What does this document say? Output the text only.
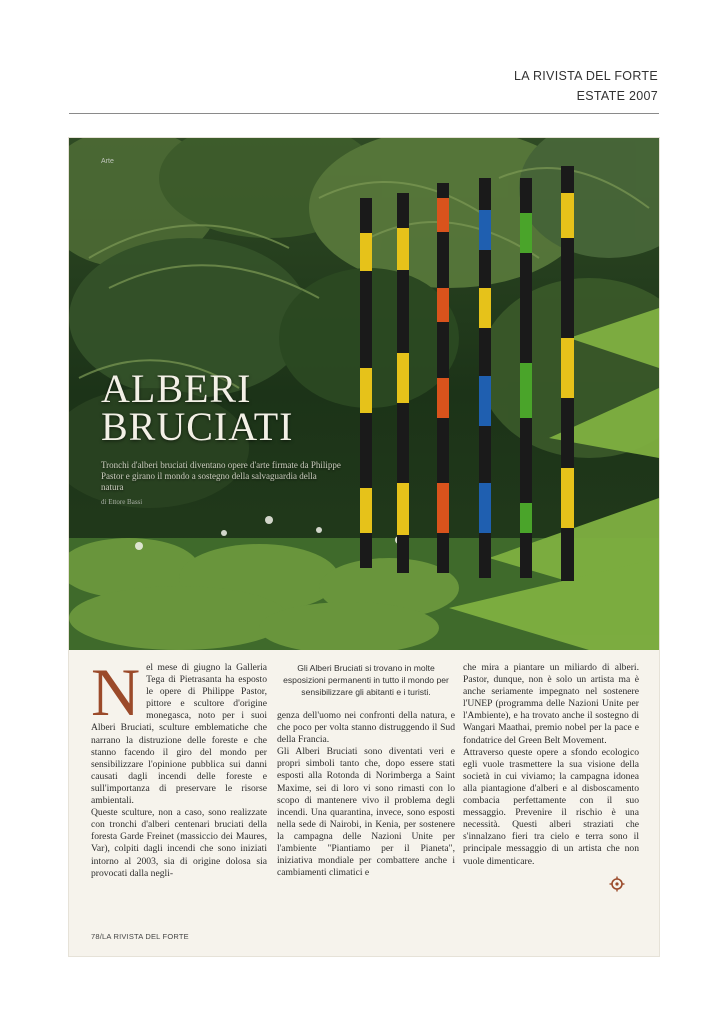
LA RIVISTA DEL FORTE
ESTATE 2007
Arte
ALBERI
BRUCIATI
Tronchi d'alberi bruciati diventano opere d'arte firmate da Philippe Pastor e girano il mondo a sostegno della salvaguardia della natura
di Ettore Bassi
N el mese di giugno la Galleria Tega di Pietrasanta ha esposto le opere di Philippe Pastor, pittore e scultore d'origine monegasca, noto per i suoi Alberi Bruciati, sculture emblematiche che narrano la distruzione delle foreste e che stanno facendo il giro del mondo per sensibilizzare l'opinione pubblica sui danni causati dagli incendi delle foreste e sull'importanza di preservare le risorse ambientali.

Queste sculture, non a caso, sono realizzate con tronchi d'alberi centenari bruciati della foresta Garde Freinet (massiccio dei Maures, Var), colpiti dagli incendi che sono iniziati intorno al 2003, sia di origine dolosa sia provocati dalla negli-

Gli Alberi Bruciati si trovano in molte esposizioni permanenti in tutto il mondo per sensibilizzare gli abitanti e i turisti.

genza dell'uomo nei confronti della natura, e che poco per volta stanno distruggendo il Sud della Francia.

Gli Alberi Bruciati sono diventati veri e propri simboli tanto che, dopo essere stati esposti alla Rotonda di Norimberga a Saint Maxime, sei di loro vi sono rimasti con lo scopo di mantenere vivo il problema degli incendi. Una quarantina, invece, sono esposti nella sede di Nairobi, in Kenia, per sostenere la campagna delle Nazioni Unite per l'ambiente "Piantiamo per il Pianeta", iniziativa mondiale per combattere anche i cambiamenti climatici e

che mira a piantare un miliardo di alberi. Pastor, dunque, non è solo un artista ma è anche seriamente impegnato nel sostenere l'UNEP (programma delle Nazioni Unite per l'Ambiente), e ha trovato anche il sostegno di Wangari Maathai, premio nobel per la pace e fondatrice del Green Belt Movement.

Attraverso queste opere a sfondo ecologico egli vuole trasmettere la sua visione della società in cui viviamo; la campagna idonea alla piantagione d'alberi e al disboscamento combacia perfettamente con il suo messaggio. Prevenire il rischio è una necessità. Questi alberi straziati che s'innalzano fieri tra cielo e terra sono il principale messaggio di un artista che non vuole dimenticare.

78/LA RIVISTA DEL FORTE
